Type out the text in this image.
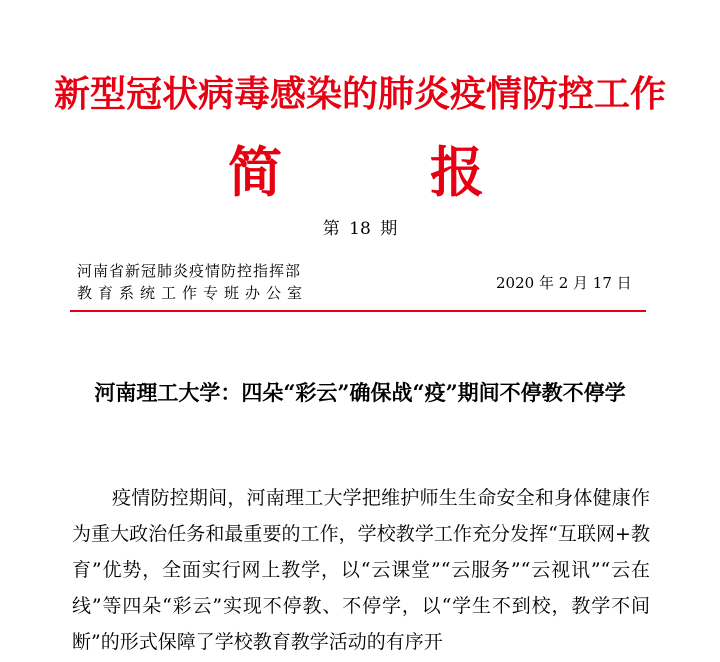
新型冠状病毒感染的肺炎疫情防控工作
简	报
第 18 期
河南省新冠肺炎疫情防控指挥部
教育系统工作专班办公室
2020 年 2 月 17 日
河南理工大学：四朵“彩云”确保战“疫”期间不停教不停学

疫情防控期间，河南理工大学把维护师生生命安全和身体健康作为重大政治任务和最重要的工作，学校教学工作充分发挥“互联网+教育”优势，全面实行网上教学，以“云课堂”“云服务”“云视讯”“云在线”等四朵“彩云”实现不停教、不停学，以“学生不到校，教学不间断”的形式保障了学校教育教学活动的有序开
